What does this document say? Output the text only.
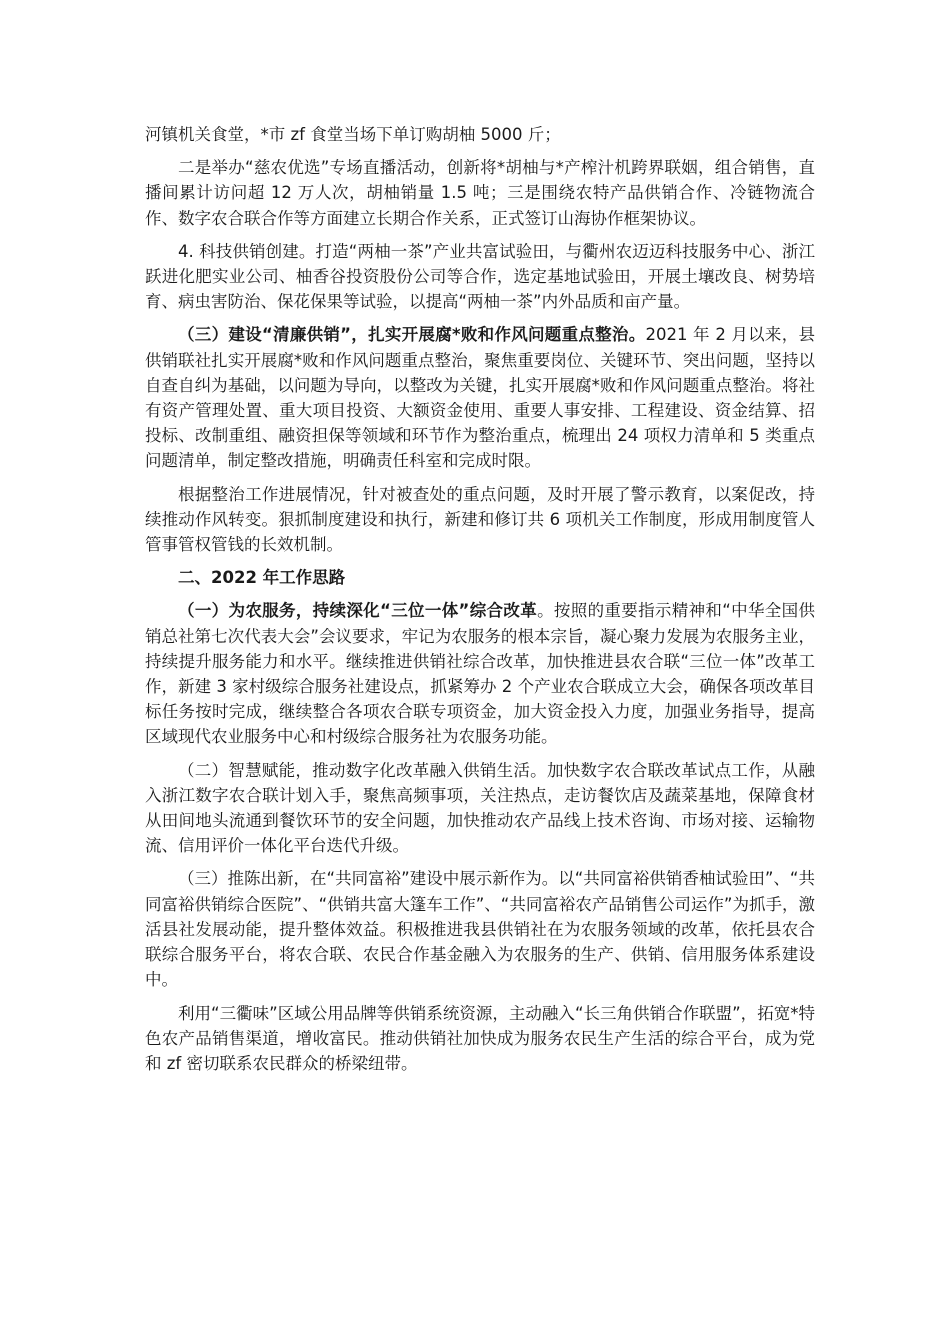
河镇机关食堂，*市 zf 食堂当场下单订购胡柚 5000 斤；

二是举办“慈农优选”专场直播活动，创新将*胡柚与*产榨汁机跨界联姻，组合销售，直播间累计访问超 12 万人次，胡柚销量 1.5 吨；三是围绕农特产品供销合作、冷链物流合作、数字农合联合作等方面建立长期合作关系，正式签订山海协作框架协议。

4. 科技供销创建。打造“两柚一茶”产业共富试验田，与衢州农迈迈科技服务中心、浙江跃进化肥实业公司、柚香谷投资股份公司等合作，选定基地试验田，开展土壤改良、树势培育、病虫害防治、保花保果等试验，以提高“两柚一茶”内外品质和亩产量。

（三）建设“清廉供销”，扎实开展腐*败和作风问题重点整治。2021 年 2 月以来，县供销联社扎实开展腐*败和作风问题重点整治，聚焦重要岗位、关键环节、突出问题，坚持以自查自纠为基础，以问题为导向，以整改为关键，扎实开展腐*败和作风问题重点整治。将社有资产管理处置、重大项目投资、大额资金使用、重要人事安排、工程建设、资金结算、招投标、改制重组、融资担保等领域和环节作为整治重点，梳理出 24 项权力清单和 5 类重点问题清单，制定整改措施，明确责任科室和完成时限。

根据整治工作进展情况，针对被查处的重点问题，及时开展了警示教育，以案促改，持续推动作风转变。狠抓制度建设和执行，新建和修订共 6 项机关工作制度，形成用制度管人管事管权管钱的长效机制。

二、2022 年工作思路

（一）为农服务，持续深化“三位一体”综合改革。按照的重要指示精神和“中华全国供销总社第七次代表大会”会议要求，牢记为农服务的根本宗旨，凝心聚力发展为农服务主业，持续提升服务能力和水平。继续推进供销社综合改革，加快推进县农合联“三位一体”改革工作，新建 3 家村级综合服务社建设点，抓紧筹办 2 个产业农合联成立大会，确保各项改革目标任务按时完成，继续整合各项农合联专项资金，加大资金投入力度，加强业务指导，提高区域现代农业服务中心和村级综合服务社为农服务功能。

（二）智慧赋能，推动数字化改革融入供销生活。加快数字农合联改革试点工作，从融入浙江数字农合联计划入手，聚焦高频事项，关注热点，走访餐饮店及蔬菜基地，保障食材从田间地头流通到餐饮环节的安全问题，加快推动农产品线上技术咨询、市场对接、运输物流、信用评价一体化平台迭代升级。

（三）推陈出新，在“共同富裕”建设中展示新作为。以“共同富裕供销香柚试验田”、“共同富裕供销综合医院”、“供销共富大篷车工作”、“共同富裕农产品销售公司运作”为抓手，激活县社发展动能，提升整体效益。积极推进我县供销社在为农服务领域的改革，依托县农合联综合服务平台，将农合联、农民合作基金融入为农服务的生产、供销、信用服务体系建设中。

利用“三衢味”区域公用品牌等供销系统资源，主动融入“长三角供销合作联盟”，拓宽*特色农产品销售渠道，增收富民。推动供销社加快成为服务农民生产生活的综合平台，成为党和 zf 密切联系农民群众的桥梁纽带。
